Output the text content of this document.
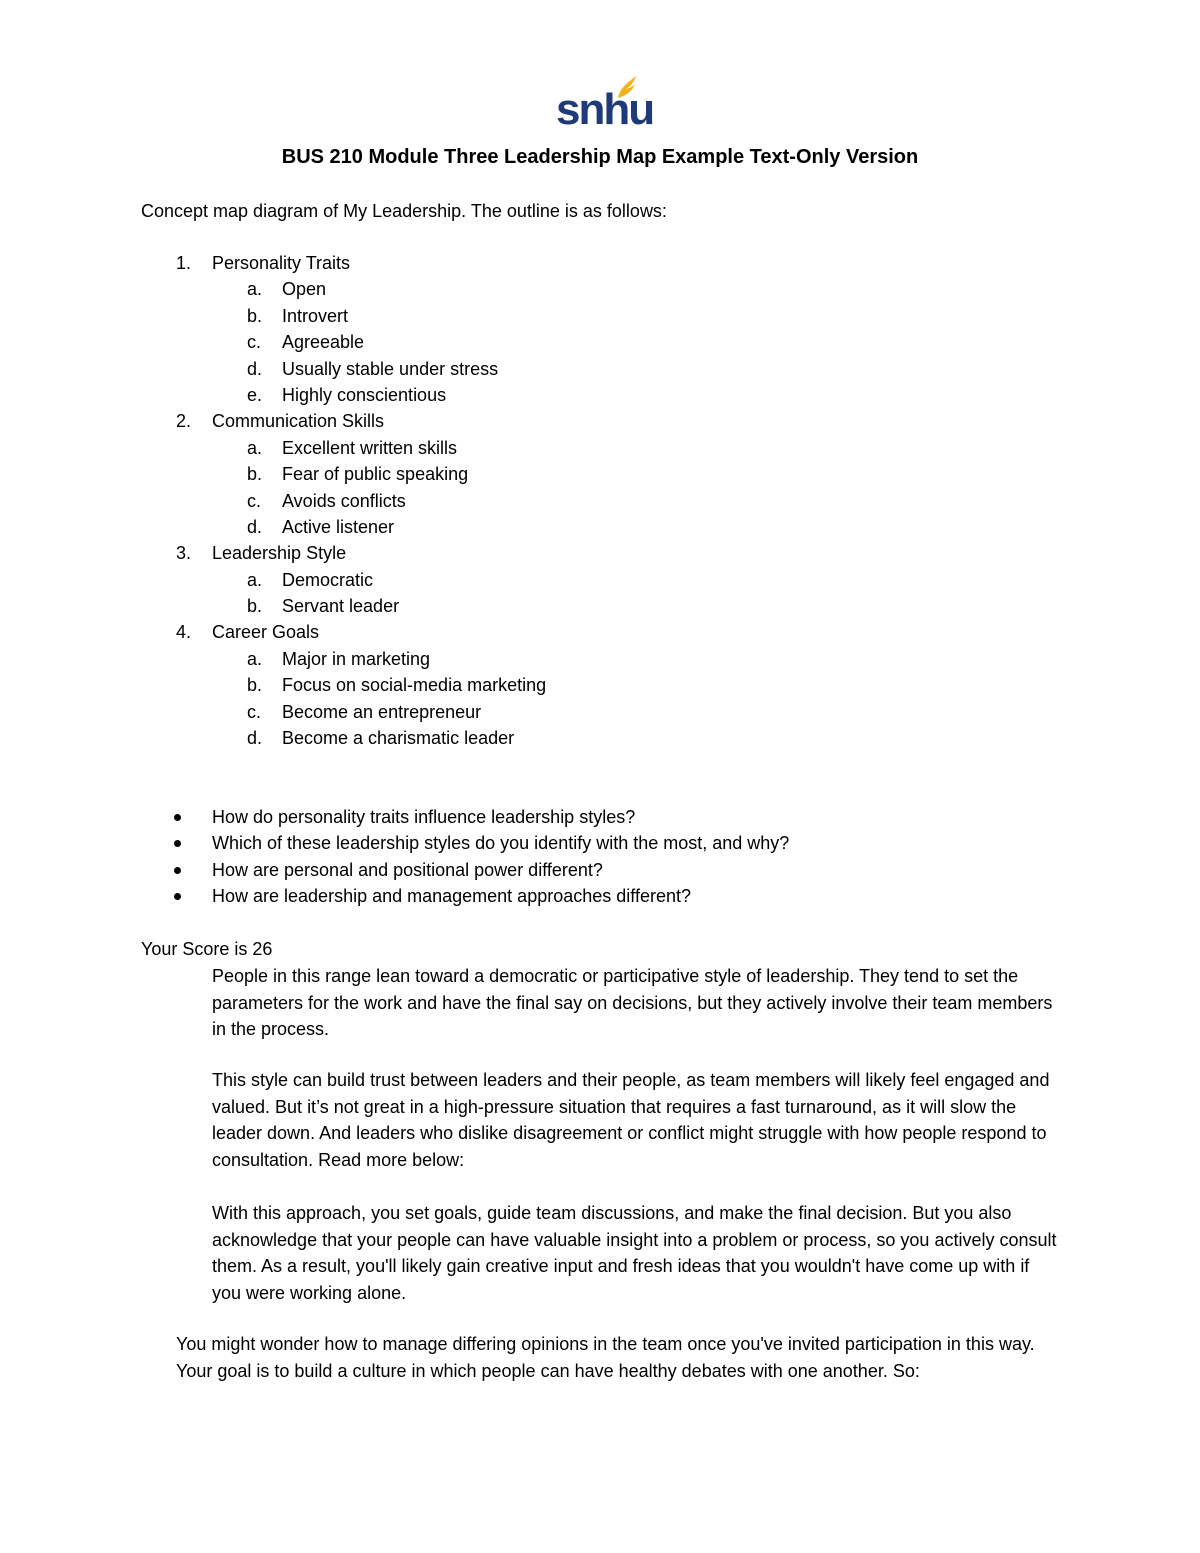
snhu
BUS 210 Module Three Leadership Map Example Text-Only Version
Concept map diagram of My Leadership. The outline is as follows:
1. Personality Traits
a. Open
b. Introvert
c. Agreeable
d. Usually stable under stress
e. Highly conscientious
2. Communication Skills
a. Excellent written skills
b. Fear of public speaking
c. Avoids conflicts
d. Active listener
3. Leadership Style
a. Democratic
b. Servant leader
4. Career Goals
a. Major in marketing
b. Focus on social-media marketing
c. Become an entrepreneur
d. Become a charismatic leader
How do personality traits influence leadership styles?
Which of these leadership styles do you identify with the most, and why?
How are personal and positional power different?
How are leadership and management approaches different?
Your Score is 26

People in this range lean toward a democratic or participative style of leadership. They tend to set the parameters for the work and have the final say on decisions, but they actively involve their team members in the process.

This style can build trust between leaders and their people, as team members will likely feel engaged and valued. But it’s not great in a high-pressure situation that requires a fast turnaround, as it will slow the leader down. And leaders who dislike disagreement or conflict might struggle with how people respond to consultation. Read more below:

With this approach, you set goals, guide team discussions, and make the final decision. But you also acknowledge that your people can have valuable insight into a problem or process, so you actively consult them. As a result, you'll likely gain creative input and fresh ideas that you wouldn't have come up with if you were working alone.

You might wonder how to manage differing opinions in the team once you've invited participation in this way. Your goal is to build a culture in which people can have healthy debates with one another. So:
